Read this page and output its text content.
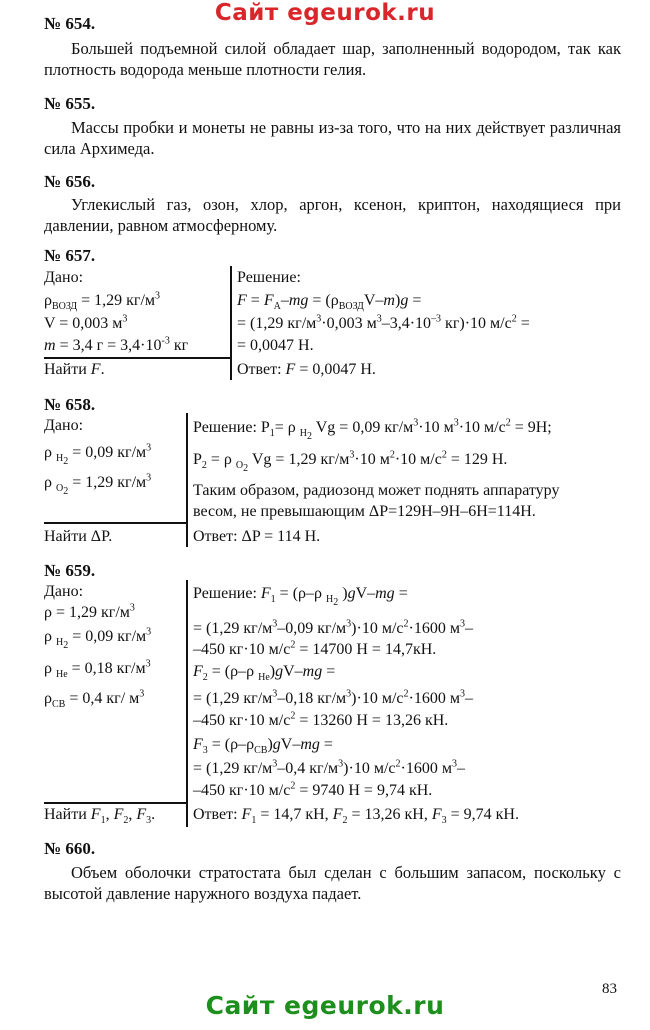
Сайт egeurok.ru
№ 654.
Большей подъемной силой обладает шар, заполненный водородом, так как плотность водорода меньше плотности гелия.
№ 655.
Массы пробки и монеты не равны из-за того, что на них действует различная сила Архимеда.
№ 656.
Углекислый газ, озон, хлор, аргон, ксенон, криптон, находящиеся при давлении, равном атмосферному.
№ 657.
Дано:
$\rho_{ВОЗД} = 1,29$ $кг/м^3$
V = 0,003 $м^3$
m = 3,4 $г = 3,4\cdot 10^{-3}$ кг
Найти F.
Решение:
$F = F_A-mg = (\rho_{ВОЗД}V-m)g$ =
= (1,29 $кг/м^3\cdot 0,003$ $м^3-3,4\cdot 10^{-3}$ кг)·10 $м/с^2$ =
= 0,0047 Н.
Ответ: F = 0,0047 Н.
№ 658.
Дано:
ρ $_{H_2}$ = 0,09 $кг/м^3$
ρ $_{O_2}$ = 1,29 $кг/м^3$
Найти ΔP.
Решение: $P_1= \rho$ $_{H_2}$ Vg = 0,09 $кг/м^3\cdot 10$ $м^3\cdot 10$ $м/с^2 = 9Н$;
$P_2 = \rho$ $_{O_2}$ Vg = 1,29 $кг/м^3\cdot 10$ $м^2\cdot 10$ $м/с^2 = 129$ Н.
Таким образом, радиозонд может поднять аппаратуру
весом, не превышающим ΔP=129Н–9Н–6Н=114Н.
Ответ: ΔP = 114 Н.
№ 659.
Дано:
ρ = 1,29 $кг/м^3$
ρ $_{H_2}$ = 0,09 $кг/м^3$
ρ $_{He}$ = 0,18 $кг/м^3$
$\rho_{СВ} = 0,4$ кг/ $м^3$
Найти $F_1$, $F_2$, $F_3$.
Решение: $F_1 = (\rho-\rho$ $_{H_2}$ )gV–mg =
= (1,29 $кг/м^3-0,09$ $кг/м^3)\cdot 10$ $м/с^2\cdot 1600$ $м^3-$
–450 кг·10 $м/с^2 = 14700$ Н = 14,7кН.
$F_2 = (\rho-\rho$ $_{He}$)gV–mg =
= (1,29 $кг/м^3-0,18$ $кг/м^3)\cdot 10$ $м/с^2\cdot 1600$ $м^3-$
–450 кг·10 $м/с^2 = 13260$ Н = 13,26 кН.
$F_3 = (\rho-\rho_{СВ})gV-mg$ =
= (1,29 $кг/м^3-0,4$ $кг/м^3)\cdot 10$ $м/с^2\cdot 1600$ $м^3-$
–450 кг·10 $м/с^2 = 9740$ Н = 9,74 кН.
Ответ: $F_1 = 14,7$ кН, $F_2 = 13,26$ кН, $F_3 = 9,74$ кН.
№ 660.
Объем оболочки стратостата был сделан с большим запасом, поскольку с высотой давление наружного воздуха падает.
83
Сайт egeurok.ru
